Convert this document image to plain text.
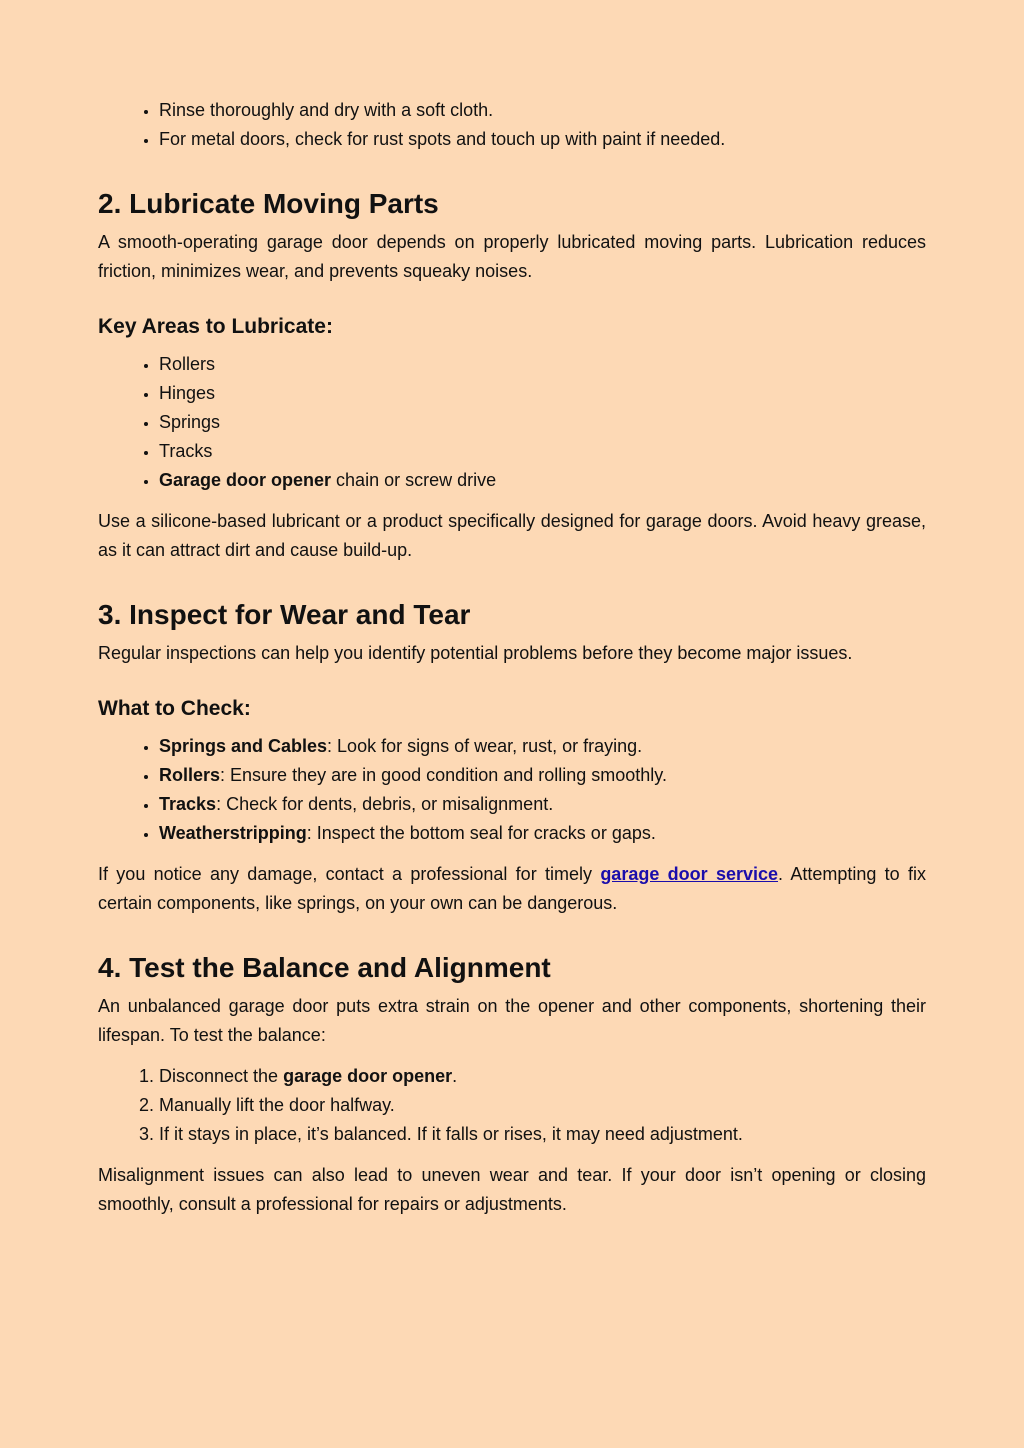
• Rinse thoroughly and dry with a soft cloth.
• For metal doors, check for rust spots and touch up with paint if needed.
2. Lubricate Moving Parts

A smooth-operating garage door depends on properly lubricated moving parts. Lubrication reduces friction, minimizes wear, and prevents squeaky noises.

Key Areas to Lubricate:
• Rollers
• Hinges
• Springs
• Tracks
• Garage door opener chain or screw drive

Use a silicone-based lubricant or a product specifically designed for garage doors. Avoid heavy grease, as it can attract dirt and cause build-up.

3. Inspect for Wear and Tear

Regular inspections can help you identify potential problems before they become major issues.

What to Check:
• Springs and Cables: Look for signs of wear, rust, or fraying.
• Rollers: Ensure they are in good condition and rolling smoothly.
• Tracks: Check for dents, debris, or misalignment.
• Weatherstripping: Inspect the bottom seal for cracks or gaps.

If you notice any damage, contact a professional for timely garage door service. Attempting to fix certain components, like springs, on your own can be dangerous.

4. Test the Balance and Alignment

An unbalanced garage door puts extra strain on the opener and other components, shortening their lifespan. To test the balance:

1. Disconnect the garage door opener.
2. Manually lift the door halfway.
3. If it stays in place, it’s balanced. If it falls or rises, it may need adjustment.

Misalignment issues can also lead to uneven wear and tear. If your door isn’t opening or closing smoothly, consult a professional for repairs or adjustments.
